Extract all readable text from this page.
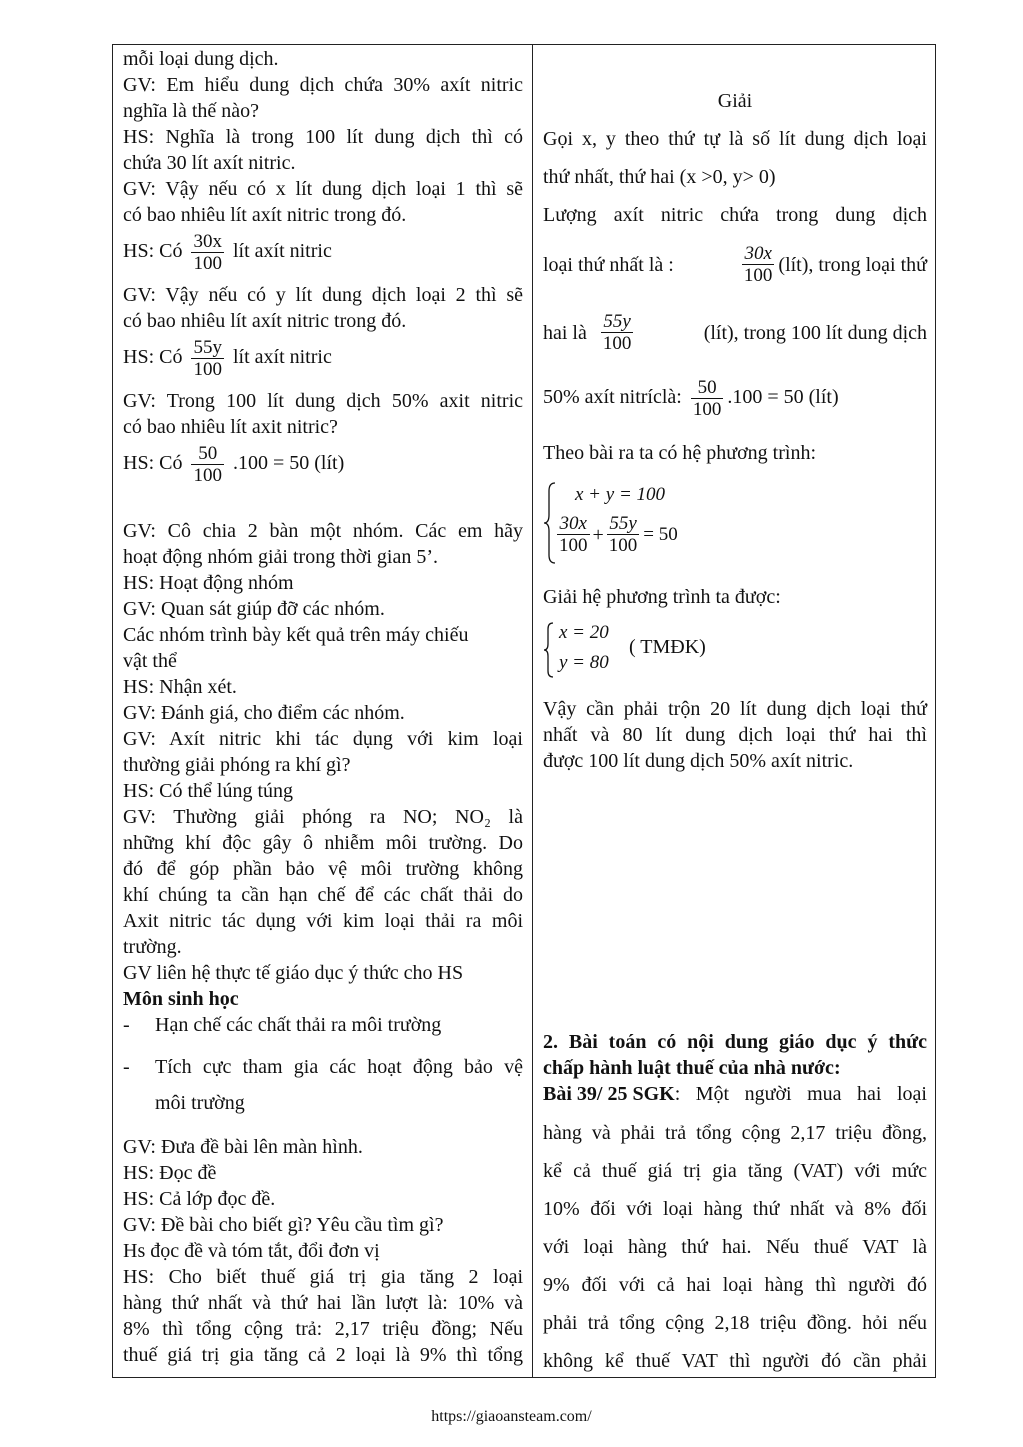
mỗi loại dung dịch.
GV: Em hiểu dung dịch chứa 30% axít nitric
nghĩa là thế nào?
HS: Nghĩa là trong 100 lít dung dịch thì có
chứa 30 lít axít nitric.
GV: Vậy nếu có x lít dung dịch loại 1 thì sẽ
có bao nhiêu lít axít nitric trong đó.
HS: Có $\frac{30x}{100}$ lít axít nitric
GV: Vậy nếu có y lít dung dịch loại 2 thì sẽ
có bao nhiêu lít axít nitric trong đó.
HS: Có $\frac{55y}{100}$ lít axít nitric
GV: Trong 100 lít dung dịch 50% axit nitric
có bao nhiêu lít axit nitric?
HS: Có $\frac{50}{100} .100 = 50$ (lít)
GV: Cô chia 2 bàn một nhóm. Các em hãy
hoạt động nhóm giải trong thời gian 5’.
HS: Hoạt động nhóm
GV: Quan sát giúp đỡ các nhóm.
Các nhóm trình bày kết quả trên máy chiếu
vật thể
HS: Nhận xét.
GV: Đánh giá, cho điểm các nhóm.
GV: Axít nitric khi tác dụng với kim loại
thường giải phóng ra khí gì?
HS: Có thể lúng túng
GV: Thường giải phóng ra NO; NO₂ là
những khí độc gây ô nhiễm môi trường. Do
đó để góp phần bảo vệ môi trường không
khí chúng ta cần hạn chế để các chất thải do
Axit nitric tác dụng với kim loại thải ra môi
trường.
GV liên hệ thực tế giáo dục ý thức cho HS
Môn sinh học
- Hạn chế các chất thải ra môi trường
- Tích cực tham gia các hoạt động bảo vệ
môi trường
GV: Đưa đề bài lên màn hình.
HS: Đọc đề
HS: Cả lớp đọc đề.
GV: Đề bài cho biết gì? Yêu cầu tìm gì?
Hs đọc đề và tóm tắt, đổi đơn vị
HS: Cho biết thuế giá trị gia tăng 2 loại
hàng thứ nhất và thứ hai lần lượt là: 10% và
8% thì tổng cộng trả: 2,17 triệu đồng; Nếu
thuế giá trị gia tăng cả 2 loại là 9% thì tổng
Giải
Gọi x, y theo thứ tự là số lít dung dịch loại
thứ nhất, thứ hai (x >0, y> 0)
Lượng axít nitric chứa trong dung dịch
loại thứ nhất là :	$\frac{30x}{100}$ (lít), trong loại thứ
hai là $\frac{55y}{100}$	(lít), trong 100 lít dung dịch
50% axít nitríclà: $\frac{50}{100} .100 = 50$ (lít)
Theo bài ra ta có hệ phương trình:
x + y = 100
$\frac{30x}{100} + \frac{55y}{100} = 50$
Giải hệ phương trình ta được:
x = 20
y = 80
( TMĐK)
Vậy cần phải trộn 20 lít dung dịch loại thứ
nhất và 80 lít dung dịch loại thứ hai thì
được 100 lít dung dịch 50% axít nitric.
2. Bài toán có nội dung giáo dục ý thức
chấp hành luật thuế của nhà nước:
Bài 39/ 25 SGK : Một người mua hai loại
hàng và phải trả tổng cộng 2,17 triệu đồng,
kể cả thuế giá trị gia tăng (VAT) với mức
10% đối với loại hàng thứ nhất và 8% đối
với loại hàng thứ hai. Nếu thuế VAT là
9% đối với cả hai loại hàng thì người đó
phải trả tổng cộng 2,18 triệu đồng. hỏi nếu
không kể thuế VAT thì người đó cần phải
https://giaoansteam.com/
